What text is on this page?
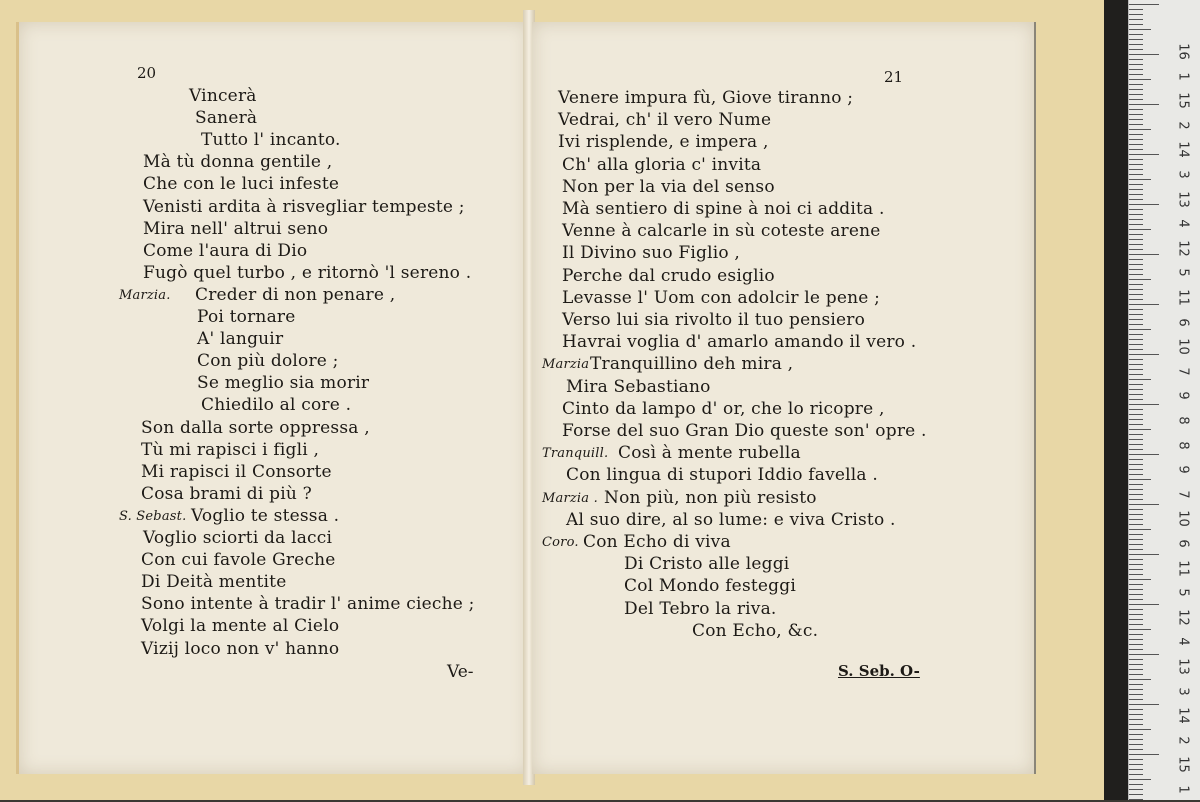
20
Vincerà
Sanerà
Tutto l' incanto.
Mà tù donna gentile ,
Che con le luci infeste
Venisti ardita à risvegliar tempeste ;
Mira nell' altrui seno
Come l'aura di Dio
Fugò quel turbo , e ritornò 'l sereno .
Marzia. Creder di non penare ,
Poi tornare
A' languir
Con più dolore ;
Se meglio sia morir
Chiedilo al core .
Son dalla sorte oppressa ,
Tù mi rapisci i figli ,
Mi rapisci il Consorte
Cosa brami di più ?
S. Sebast. Voglio te stessa .
Voglio sciorti da lacci
Con cui favole Greche
Di Deità mentite
Sono intente à tradir l' anime cieche ;
Volgi la mente al Cielo
Vizij loco non v' hanno
Ve-
21
Venere impura fù, Giove tiranno ;
Vedrai, ch' il vero Nume
Ivi risplende, e impera ,
Ch' alla gloria c' invita
Non per la via del senso
Mà sentiero di spine à noi ci addita .
Venne à calcarle in sù coteste arene
Il Divino suo Figlio ,
Perche dal crudo esiglio
Levasse l' Uom con adolcir le pene ;
Verso lui sia rivolto il tuo pensiero
Havrai voglia d' amarlo amando il vero .
Marzia Tranquillino deh mira ,
Mira Sebastiano
Cinto da lampo d' or, che lo ricopre ,
Forse del suo Gran Dio queste son' opre .
Tranquill. Così à mente rubella
Con lingua di stupori Iddio favella .
Marzia . Non più, non più resisto
Al suo dire, al so lume: e viva Cristo .
Coro. Con Echo di viva
Di Cristo alle leggi
Col Mondo festeggi
Del Tebro la riva.
Con Echo, &c.
S. Seb. O-
16
1
15
2
14
3
13
4
12
5
11
6
10
7
9
8
8
9
7
10
6
11
5
12
4
13
3
14
2
15
1
